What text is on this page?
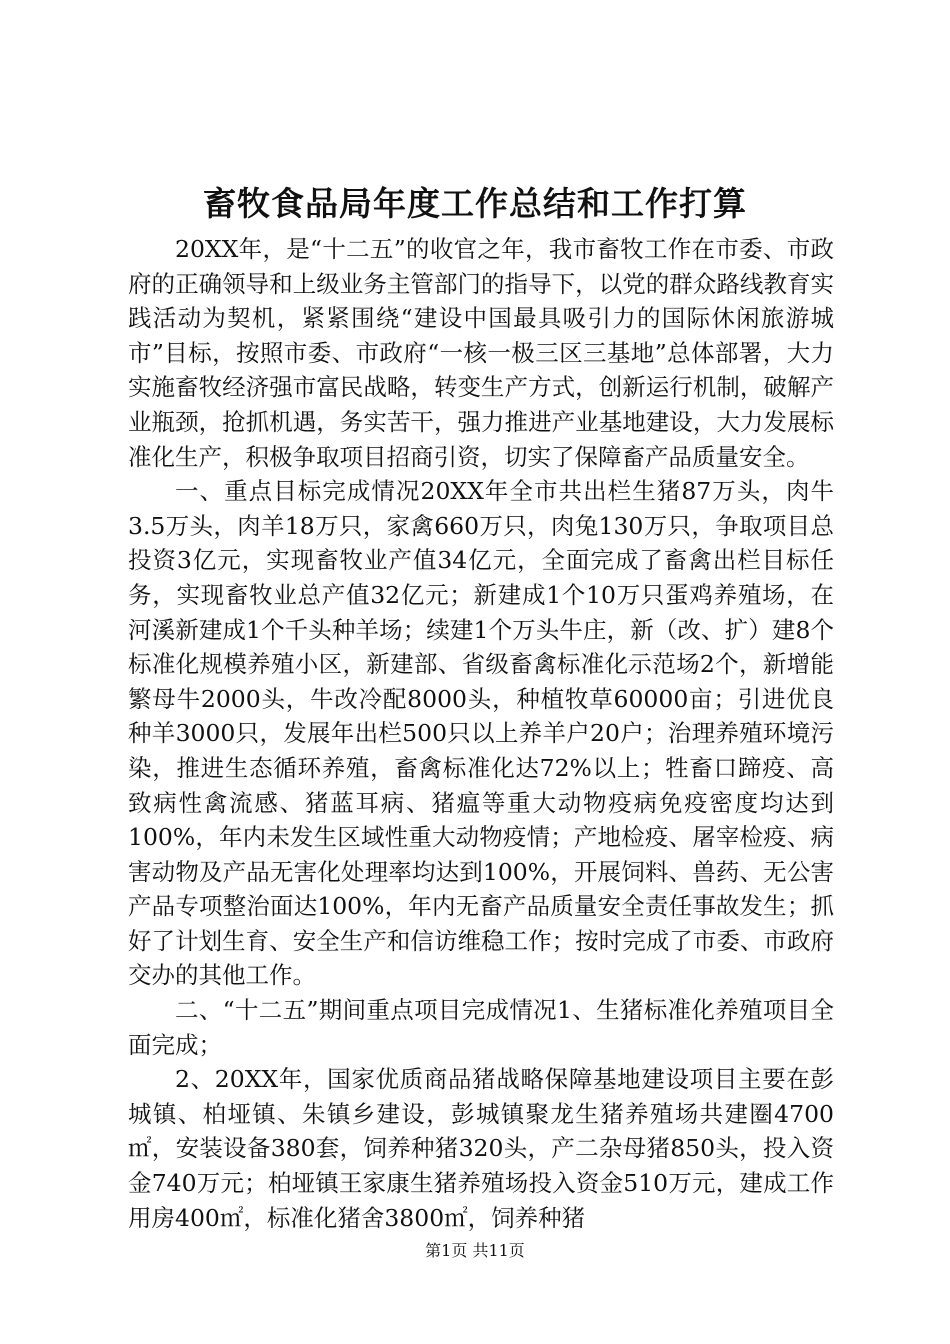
畜牧食品局年度工作总结和工作打算

20XX年，是“十二五”的收官之年，我市畜牧工作在市委、市政府的正确领导和上级业务主管部门的指导下，以党的群众路线教育实践活动为契机，紧紧围绕“建设中国最具吸引力的国际休闲旅游城市”目标，按照市委、市政府“一核一极三区三基地”总体部署，大力实施畜牧经济强市富民战略，转变生产方式，创新运行机制，破解产业瓶颈，抢抓机遇，务实苦干，强力推进产业基地建设，大力发展标准化生产，积极争取项目招商引资，切实了保障畜产品质量安全。

一、重点目标完成情况20XX年全市共出栏生猪87万头，肉牛3.5万头，肉羊18万只，家禽660万只，肉兔130万只，争取项目总投资3亿元，实现畜牧业产值34亿元，全面完成了畜禽出栏目标任务，实现畜牧业总产值32亿元；新建成1个10万只蛋鸡养殖场，在河溪新建成1个千头种羊场；续建1个万头牛庄，新（改、扩）建8个标准化规模养殖小区，新建部、省级畜禽标准化示范场2个，新增能繁母牛2000头，牛改冷配8000头，种植牧草60000亩；引进优良种羊3000只，发展年出栏500只以上养羊户20户；治理养殖环境污染，推进生态循环养殖，畜禽标准化达72%以上；牲畜口蹄疫、高致病性禽流感、猪蓝耳病、猪瘟等重大动物疫病免疫密度均达到100%，年内未发生区域性重大动物疫情；产地检疫、屠宰检疫、病害动物及产品无害化处理率均达到100%，开展饲料、兽药、无公害产品专项整治面达100%，年内无畜产品质量安全责任事故发生；抓好了计划生育、安全生产和信访维稳工作；按时完成了市委、市政府交办的其他工作。

二、“十二五”期间重点项目完成情况1、生猪标准化养殖项目全面完成；

2、20XX年，国家优质商品猪战略保障基地建设项目主要在彭城镇、柏垭镇、朱镇乡建设，彭城镇聚龙生猪养殖场共建圈4700㎡，安装设备380套，饲养种猪320头，产二杂母猪850头，投入资金740万元；柏垭镇王家康生猪养殖场投入资金510万元，建成工作用房400㎡，标准化猪舍3800㎡，饲养种猪

第1页 共11页
